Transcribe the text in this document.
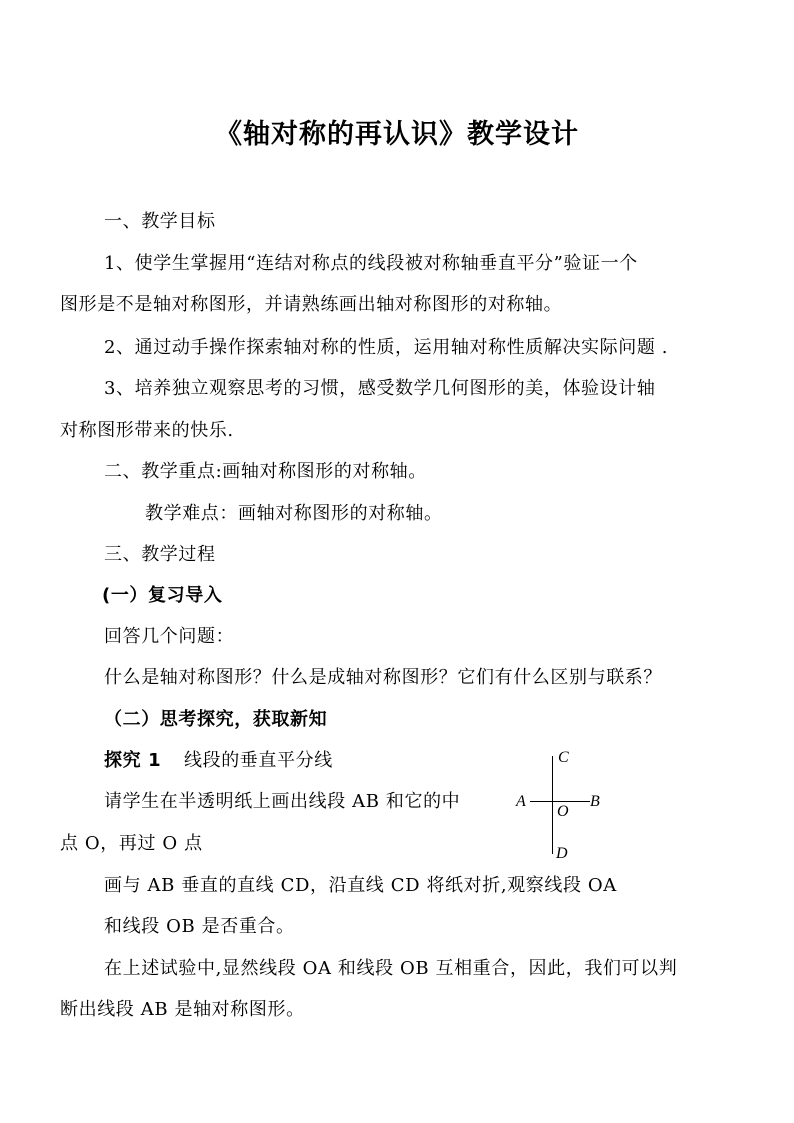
《轴对称的再认识》教学设计
一、教学目标
1、使学生掌握用“连结对称点的线段被对称轴垂直平分”验证一个
图形是不是轴对称图形，并请熟练画出轴对称图形的对称轴。
2、通过动手操作探索轴对称的性质，运用轴对称性质解决实际问题 .
3、培养独立观察思考的习惯，感受数学几何图形的美，体验设计轴
对称图形带来的快乐.
二、教学重点:画轴对称图形的对称轴。
教学难点：画轴对称图形的对称轴。
三、教学过程
(一）复习导入
回答几个问题：
什么是轴对称图形？什么是成轴对称图形？它们有什么区别与联系？
（二）思考探究，获取新知
探究 1 线段的垂直平分线
请学生在半透明纸上画出线段 AB 和它的中
点 O，再过 O 点
画与 AB 垂直的直线 CD，沿直线 CD 将纸对折,观察线段 OA
和线段 OB 是否重合。
在上述试验中,显然线段 OA 和线段 OB 互相重合，因此，我们可以判
断出线段 AB 是轴对称图形。
C
A
O
B
D
